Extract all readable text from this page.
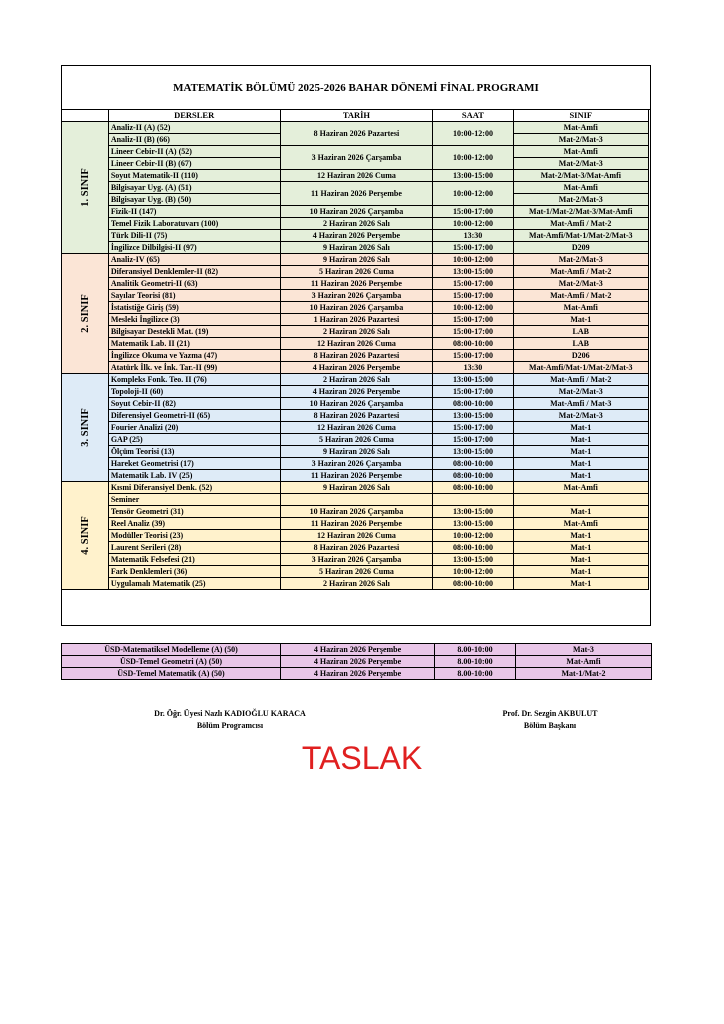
MATEMATİK BÖLÜMÜ 2025-2026 BAHAR DÖNEMİ FİNAL PROGRAMI
	DERSLER	TARİH	SAAT	SINIF
1. SINIF	Analiz-II (A) (52)	8 Haziran 2026 Pazartesi	10:00-12:00	Mat-Amfi
	Analiz-II (B) (66)			Mat-2/Mat-3
	Lineer Cebir-II (A) (52)	3 Haziran 2026 Çarşamba	10:00-12:00	Mat-Amfi
	Lineer Cebir-II (B) (67)			Mat-2/Mat-3
	Soyut Matematik-II (110)	12 Haziran 2026 Cuma	13:00-15:00	Mat-2/Mat-3/Mat-Amfi
	Bilgisayar Uyg. (A) (51)	11 Haziran 2026 Perşembe	10:00-12:00	Mat-Amfi
	Bilgisayar Uyg. (B) (50)			Mat-2/Mat-3
	Fizik-II (147)	10 Haziran 2026 Çarşamba	15:00-17:00	Mat-1/Mat-2/Mat-3/Mat-Amfi
	Temel Fizik Laboratuvarı (100)	2 Haziran 2026 Salı	10:00-12:00	Mat-Amfi / Mat-2
	Türk Dili-II (75)	4 Haziran 2026 Perşembe	13:30	Mat-Amfi/Mat-1/Mat-2/Mat-3
	İngilizce Dilbilgisi-II (97)	9 Haziran 2026 Salı	15:00-17:00	D209
2. SINIF	Analiz-IV (65)	9 Haziran 2026 Salı	10:00-12:00	Mat-2/Mat-3
	Diferansiyel Denklemler-II (82)	5 Haziran 2026 Cuma	13:00-15:00	Mat-Amfi / Mat-2
	Analitik Geometri-II (63)	11 Haziran 2026 Perşembe	15:00-17:00	Mat-2/Mat-3
	Sayılar Teorisi (81)	3 Haziran 2026 Çarşamba	15:00-17:00	Mat-Amfi / Mat-2
	İstatistiğe Giriş (59)	10 Haziran 2026 Çarşamba	10:00-12:00	Mat-Amfi
	Mesleki İngilizce (3)	1 Haziran 2026 Pazartesi	15:00-17:00	Mat-1
	Bilgisayar Destekli Mat. (19)	2 Haziran 2026 Salı	15:00-17:00	LAB
	Matematik Lab. II (21)	12 Haziran 2026 Cuma	08:00-10:00	LAB
	İngilizce Okuma ve Yazma (47)	8 Haziran 2026 Pazartesi	15:00-17:00	D206
	Atatürk İlk. ve İnk. Tar.-II (99)	4 Haziran 2026 Perşembe	13:30	Mat-Amfi/Mat-1/Mat-2/Mat-3
3. SINIF	Kompleks Fonk. Teo. II (76)	2 Haziran 2026 Salı	13:00-15:00	Mat-Amfi / Mat-2
	Topoloji-II (60)	4 Haziran 2026 Perşembe	15:00-17:00	Mat-2/Mat-3
	Soyut Cebir-II (82)	10 Haziran 2026 Çarşamba	08:00-10:00	Mat-Amfi / Mat-3
	Diferensiyel Geometri-II (65)	8 Haziran 2026 Pazartesi	13:00-15:00	Mat-2/Mat-3
	Fourier Analizi (20)	12 Haziran 2026 Cuma	15:00-17:00	Mat-1
	GAP (25)	5 Haziran 2026 Cuma	15:00-17:00	Mat-1
	Ölçüm Teorisi (13)	9 Haziran 2026 Salı	13:00-15:00	Mat-1
	Hareket Geometrisi (17)	3 Haziran 2026 Çarşamba	08:00-10:00	Mat-1
	Matematik Lab. IV (25)	11 Haziran 2026 Perşembe	08:00-10:00	Mat-1
4. SINIF	Kısmi Diferansiyel Denk. (52)	9 Haziran 2026 Salı	08:00-10:00	Mat-Amfi
	Seminer			
	Tensör Geometri (31)	10 Haziran 2026 Çarşamba	13:00-15:00	Mat-1
	Reel Analiz (39)	11 Haziran 2026 Perşembe	13:00-15:00	Mat-Amfi
	Modüller Teorisi (23)	12 Haziran 2026 Cuma	10:00-12:00	Mat-1
	Laurent Serileri (28)	8 Haziran 2026 Pazartesi	08:00-10:00	Mat-1
	Matematik Felsefesi (21)	3 Haziran 2026 Çarşamba	13:00-15:00	Mat-1
	Fark Denklemleri (36)	5 Haziran 2026 Cuma	10:00-12:00	Mat-1
	Uygulamalı Matematik (25)	2 Haziran 2026 Salı	08:00-10:00	Mat-1
ÜSD-Matematiksel Modelleme (A) (50)	4 Haziran 2026 Perşembe	8.00-10:00	Mat-3
ÜSD-Temel Geometri (A) (50)	4 Haziran 2026 Perşembe	8.00-10:00	Mat-Amfi
ÜSD-Temel Matematik (A) (50)	4 Haziran 2026 Perşembe	8.00-10:00	Mat-1/Mat-2
Dr. Öğr. Üyesi Nazlı KADIOĞLU KARACA
Bölüm Programcısı
Prof. Dr. Sezgin AKBULUT
Bölüm Başkanı
TASLAK
